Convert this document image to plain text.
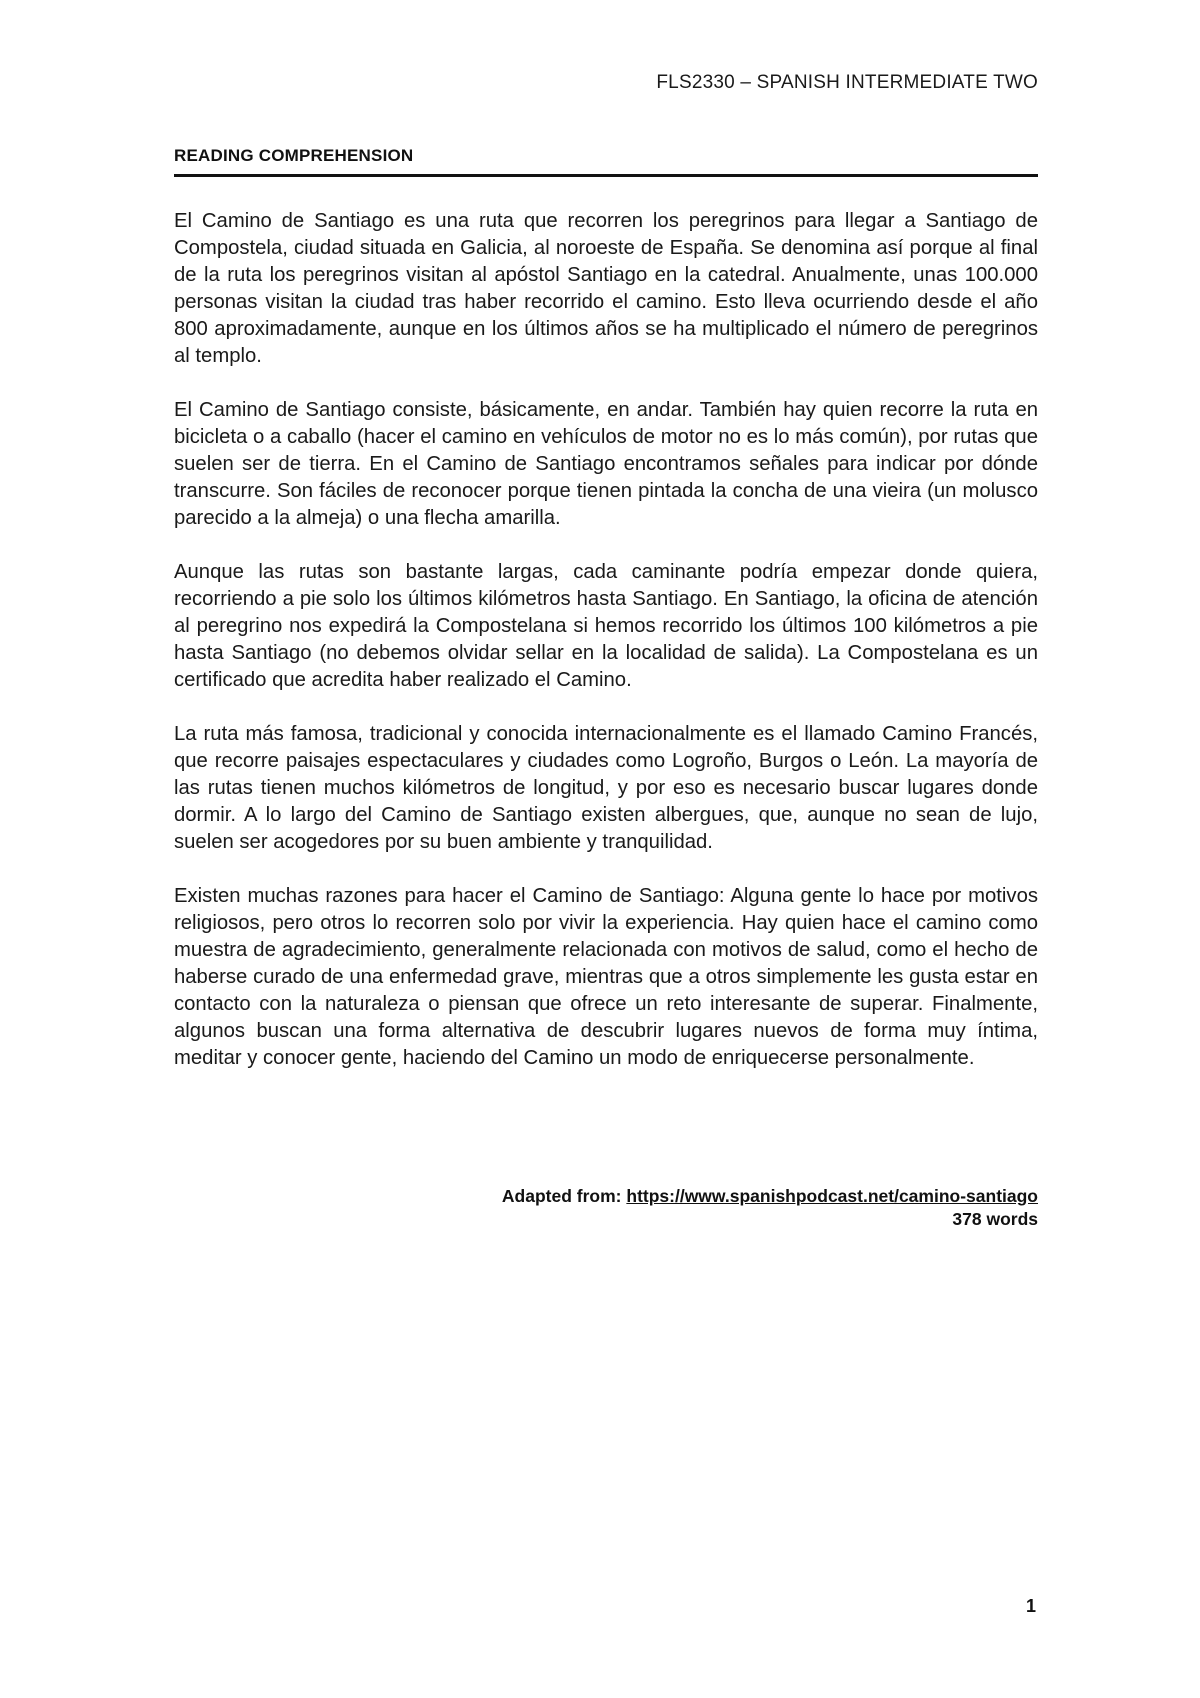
FLS2330 – SPANISH INTERMEDIATE TWO
READING COMPREHENSION

El Camino de Santiago es una ruta que recorren los peregrinos para llegar a Santiago de Compostela, ciudad situada en Galicia, al noroeste de España. Se denomina así porque al final de la ruta los peregrinos visitan al apóstol Santiago en la catedral. Anualmente, unas 100.000 personas visitan la ciudad tras haber recorrido el camino. Esto lleva ocurriendo desde el año 800 aproximadamente, aunque en los últimos años se ha multiplicado el número de peregrinos al templo.

El Camino de Santiago consiste, básicamente, en andar. También hay quien recorre la ruta en bicicleta o a caballo (hacer el camino en vehículos de motor no es lo más común), por rutas que suelen ser de tierra. En el Camino de Santiago encontramos señales para indicar por dónde transcurre. Son fáciles de reconocer porque tienen pintada la concha de una vieira (un molusco parecido a la almeja) o una flecha amarilla.

Aunque las rutas son bastante largas, cada caminante podría empezar donde quiera, recorriendo a pie solo los últimos kilómetros hasta Santiago. En Santiago, la oficina de atención al peregrino nos expedirá la Compostelana si hemos recorrido los últimos 100 kilómetros a pie hasta Santiago (no debemos olvidar sellar en la localidad de salida). La Compostelana es un certificado que acredita haber realizado el Camino.

La ruta más famosa, tradicional y conocida internacionalmente es el llamado Camino Francés, que recorre paisajes espectaculares y ciudades como Logroño, Burgos o León. La mayoría de las rutas tienen muchos kilómetros de longitud, y por eso es necesario buscar lugares donde dormir. A lo largo del Camino de Santiago existen albergues, que, aunque no sean de lujo, suelen ser acogedores por su buen ambiente y tranquilidad.

Existen muchas razones para hacer el Camino de Santiago: Alguna gente lo hace por motivos religiosos, pero otros lo recorren solo por vivir la experiencia. Hay quien hace el camino como muestra de agradecimiento, generalmente relacionada con motivos de salud, como el hecho de haberse curado de una enfermedad grave, mientras que a otros simplemente les gusta estar en contacto con la naturaleza o piensan que ofrece un reto interesante de superar. Finalmente, algunos buscan una forma alternativa de descubrir lugares nuevos de forma muy íntima, meditar y conocer gente, haciendo del Camino un modo de enriquecerse personalmente.

Adapted from: https://www.spanishpodcast.net/camino-santiago
378 words
1
